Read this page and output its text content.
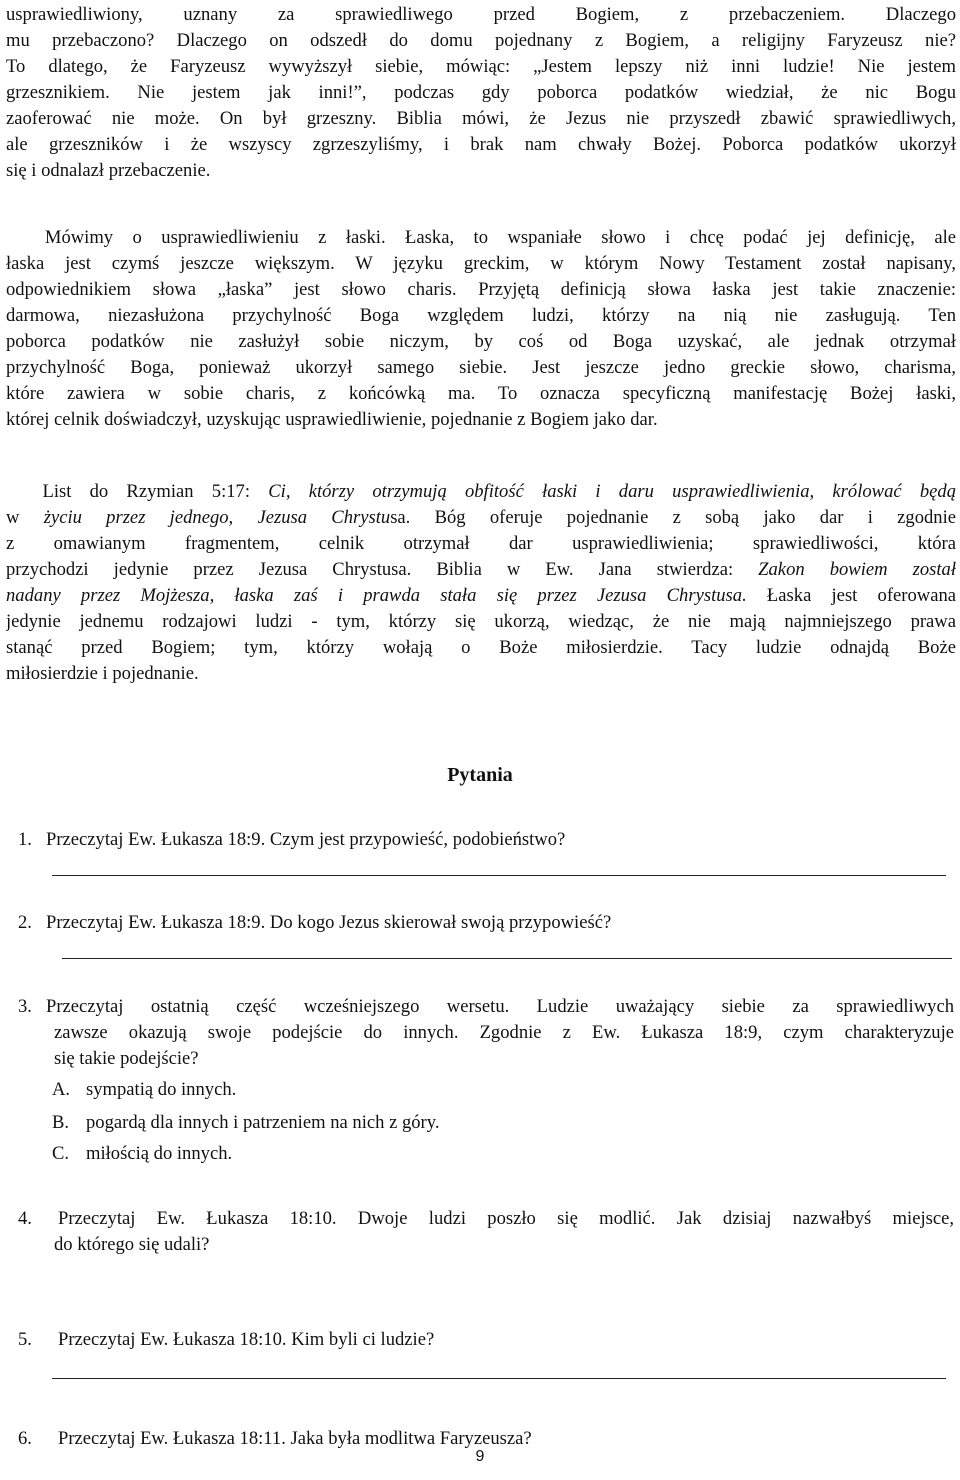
usprawiedliwiony, uznany za sprawiedliwego przed Bogiem, z przebaczeniem. Dlaczego
mu przebaczono? Dlaczego on odszedł do domu pojednany z Bogiem, a religijny Faryzeusz nie?
To dlatego, że Faryzeusz wywyższył siebie, mówiąc: „Jestem lepszy niż inni ludzie! Nie jestem
grzesznikiem. Nie jestem jak inni!”, podczas gdy poborca podatków wiedział, że nic Bogu
zaoferować nie może. On był grzeszny. Biblia mówi, że Jezus nie przyszedł zbawić sprawiedliwych,
ale grzeszników i że wszyscy zgrzeszyliśmy, i brak nam chwały Bożej. Poborca podatków ukorzył
się i odnalazł przebaczenie.
Mówimy o usprawiedliwieniu z łaski. Łaska, to wspaniałe słowo i chcę podać jej definicję, ale
łaska jest czymś jeszcze większym. W języku greckim, w którym Nowy Testament został napisany,
odpowiednikiem słowa „łaska” jest słowo charis. Przyjętą definicją słowa łaska jest takie znaczenie:
darmowa, niezasłużona przychylność Boga względem ludzi, którzy na nią nie zasługują. Ten
poborca podatków nie zasłużył sobie niczym, by coś od Boga uzyskać, ale jednak otrzymał
przychylność Boga, ponieważ ukorzył samego siebie. Jest jeszcze jedno greckie słowo, charisma,
które zawiera w sobie charis, z końcówką ma. To oznacza specyficzną manifestację Bożej łaski,
której celnik doświadczył, uzyskując usprawiedliwienie, pojednanie z Bogiem jako dar.
List do Rzymian 5:17: Ci, którzy otrzymują obfitość łaski i daru usprawiedliwienia, królować będą
w życiu przez jednego, Jezusa Chrystusa. Bóg oferuje pojednanie z sobą jako dar i zgodnie
z omawianym fragmentem, celnik otrzymał dar usprawiedliwienia; sprawiedliwości, która
przychodzi jedynie przez Jezusa Chrystusa. Biblia w Ew. Jana stwierdza: Zakon bowiem został
nadany przez Mojżesza, łaska zaś i prawda stała się przez Jezusa Chrystusa. Łaska jest oferowana
jedynie jednemu rodzajowi ludzi - tym, którzy się ukorzą, wiedząc, że nie mają najmniejszego prawa
stanąć przed Bogiem; tym, którzy wołają o Boże miłosierdzie. Tacy ludzie odnajdą Boże
miłosierdzie i pojednanie.
Pytania
1. Przeczytaj Ew. Łukasza 18:9. Czym jest przypowieść, podobieństwo?
2. Przeczytaj Ew. Łukasza 18:9. Do kogo Jezus skierował swoją przypowieść?
3. Przeczytaj ostatnią część wcześniejszego wersetu. Ludzie uważający siebie za sprawiedliwych
zawsze okazują swoje podejście do innych. Zgodnie z Ew. Łukasza 18:9, czym charakteryzuje
się takie podejście?
A. sympatią do innych.
B. pogardą dla innych i patrzeniem na nich z góry.
C. miłością do innych.
4.	Przeczytaj Ew. Łukasza 18:10. Dwoje ludzi poszło się modlić. Jak dzisiaj nazwałbyś miejsce,
do którego się udali?
5. Przeczytaj Ew. Łukasza 18:10. Kim byli ci ludzie?
6. Przeczytaj Ew. Łukasza 18:11. Jaka była modlitwa Faryzeusza?
9
